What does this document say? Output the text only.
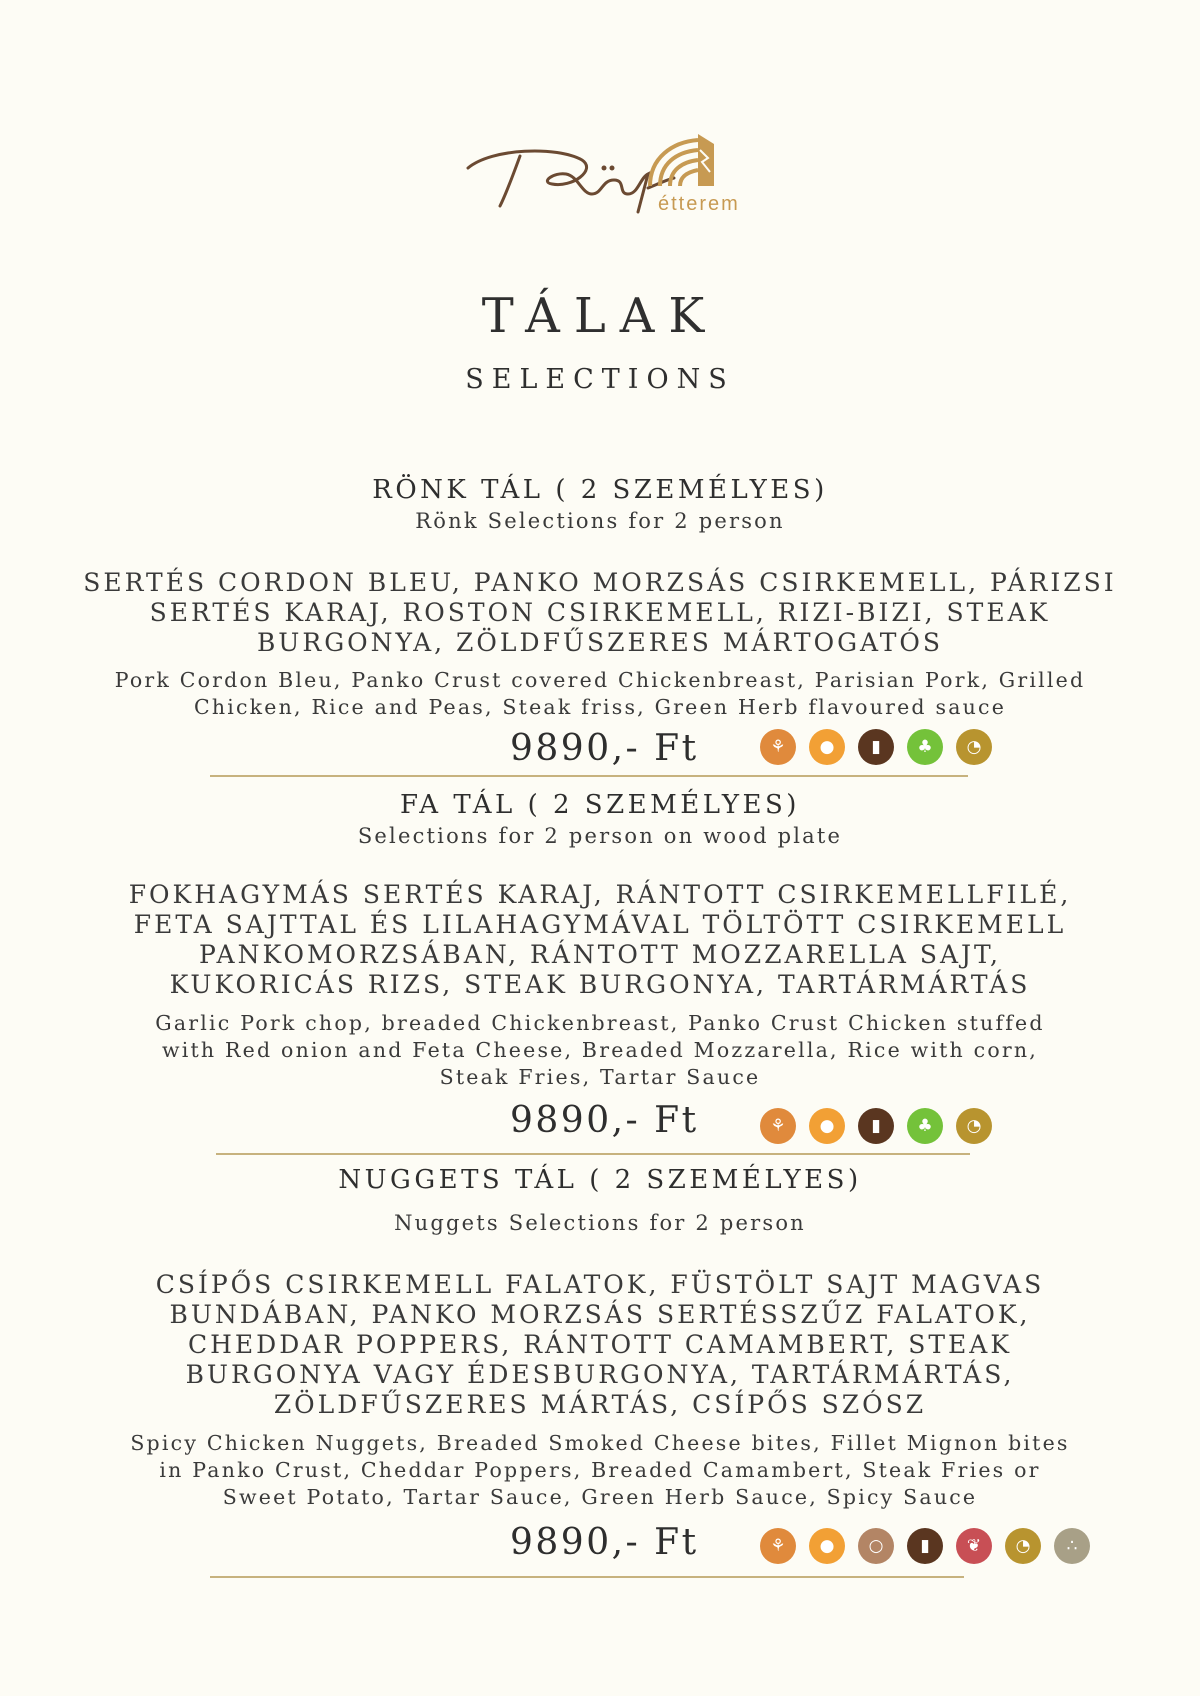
étterem
TÁLAK
SELECTIONS
RÖNK TÁL ( 2 SZEMÉLYES)
Rönk Selections for 2 person
SERTÉS CORDON BLEU, PANKO MORZSÁS CSIRKEMELL, PÁRIZSI
SERTÉS KARAJ, ROSTON CSIRKEMELL, RIZI-BIZI, STEAK
BURGONYA, ZÖLDFŰSZERES MÁRTOGATÓS
Pork Cordon Bleu, Panko Crust covered Chickenbreast, Parisian Pork, Grilled
Chicken, Rice and Peas, Steak friss, Green Herb flavoured sauce
9890,- Ft	⚘	●	▮	♣	◔
FA TÁL ( 2 SZEMÉLYES)
Selections for 2 person on wood plate
FOKHAGYMÁS SERTÉS KARAJ, RÁNTOTT CSIRKEMELLFILÉ,
FETA SAJTTAL ÉS LILAHAGYMÁVAL TÖLTÖTT CSIRKEMELL
PANKOMORZSÁBAN, RÁNTOTT MOZZARELLA SAJT,
KUKORICÁS RIZS, STEAK BURGONYA, TARTÁRMÁRTÁS
Garlic Pork chop, breaded Chickenbreast, Panko Crust Chicken stuffed
with Red onion and Feta Cheese, Breaded Mozzarella, Rice with corn,
Steak Fries, Tartar Sauce
9890,- Ft	⚘	●	▮	♣	◔
NUGGETS TÁL ( 2 SZEMÉLYES)
Nuggets Selections for 2 person
CSÍPŐS CSIRKEMELL FALATOK, FÜSTÖLT SAJT MAGVAS
BUNDÁBAN, PANKO MORZSÁS SERTÉSSZŰZ FALATOK,
CHEDDAR POPPERS, RÁNTOTT CAMAMBERT, STEAK
BURGONYA VAGY ÉDESBURGONYA, TARTÁRMÁRTÁS,
ZÖLDFŰSZERES MÁRTÁS, CSÍPŐS SZÓSZ
Spicy Chicken Nuggets, Breaded Smoked Cheese bites, Fillet Mignon bites
in Panko Crust, Cheddar Poppers, Breaded Camambert, Steak Fries or
Sweet Potato, Tartar Sauce, Green Herb Sauce, Spicy Sauce
9890,- Ft	⚘	●	○	▮	❦	◔	∴
